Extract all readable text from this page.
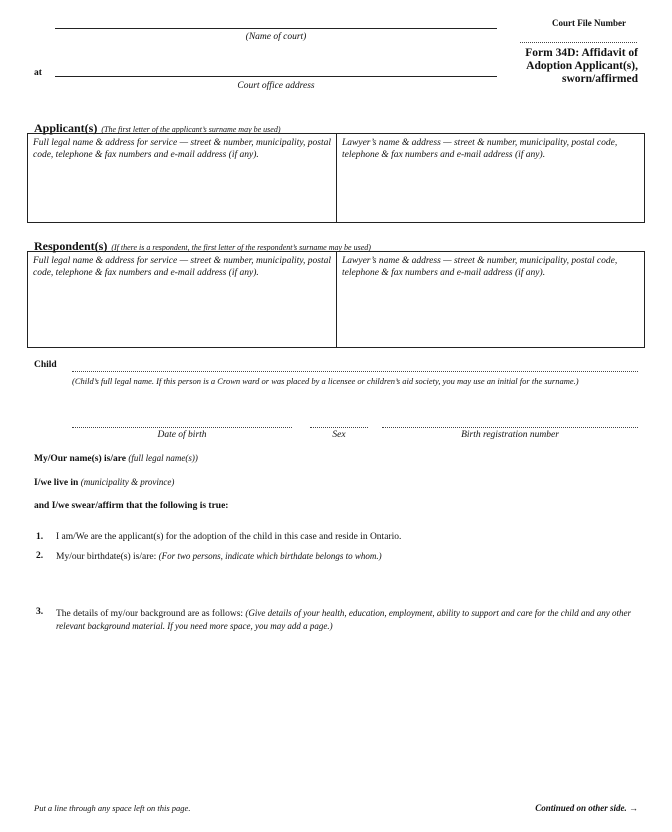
(Name of court)
at
Court office address
Court File Number
Form 34D: Affidavit of
Adoption Applicant(s),
sworn/affirmed
Applicant(s) (The first letter of the applicant’s surname may be used)
Full legal name & address for service — street & number, municipality, postal code, telephone & fax numbers and e-mail address (if any).
Lawyer’s name & address — street & number, municipality, postal code, telephone & fax numbers and e-mail address (if any).
Respondent(s) (If there is a respondent, the first letter of the respondent’s surname may be used)
Full legal name & address for service — street & number, municipality, postal code, telephone & fax numbers and e-mail address (if any).
Lawyer’s name & address — street & number, municipality, postal code, telephone & fax numbers and e-mail address (if any).
Child
(Child’s full legal name. If this person is a Crown ward or was placed by a licensee or children’s aid society, you may use an initial for the surname.)
Date of birth	Sex	Birth registration number
My/Our name(s) is/are (full legal name(s))
I/we live in (municipality & province)
and I/we swear/affirm that the following is true:
1. I am/We are the applicant(s) for the adoption of the child in this case and reside in Ontario.
2. My/our birthdate(s) is/are: (For two persons, indicate which birthdate belongs to whom.)
3. The details of my/our background are as follows: (Give details of your health, education, employment, ability to support and care for the child and any other relevant background material. If you need more space, you may add a page.)
Put a line through any space left on this page.	Continued on other side. →
